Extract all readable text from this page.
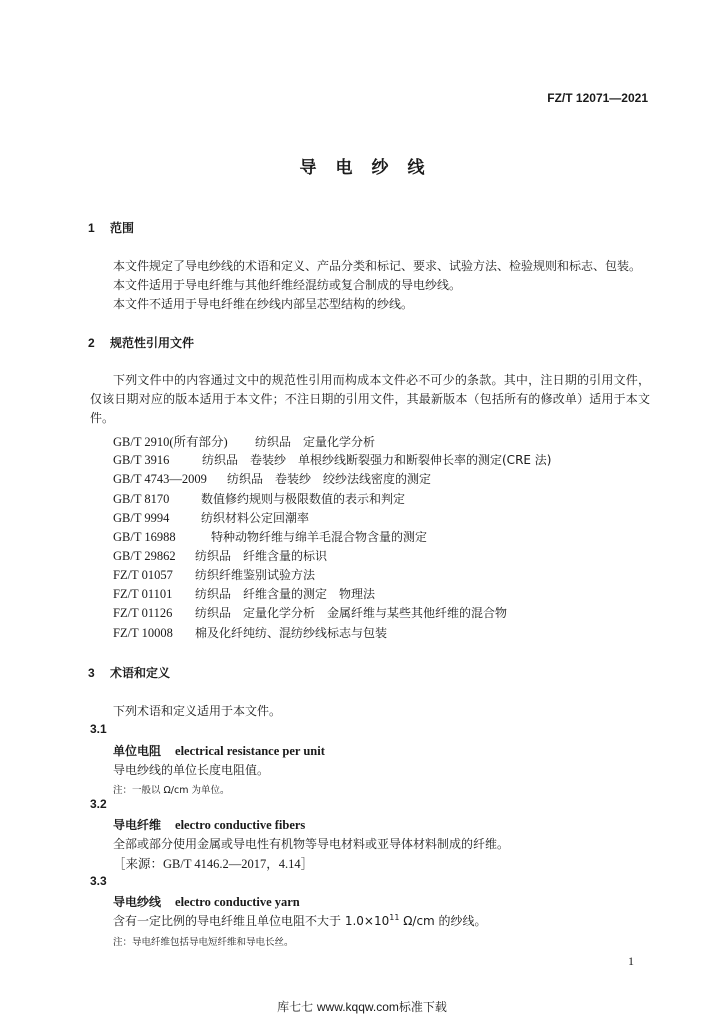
FZ/T 12071—2021
导电纱线
1 范围
本文件规定了导电纱线的术语和定义、产品分类和标记、要求、试验方法、检验规则和标志、包装。
本文件适用于导电纤维与其他纤维经混纺或复合制成的导电纱线。
本文件不适用于导电纤维在纱线内部呈芯型结构的纱线。
2 规范性引用文件
下列文件中的内容通过文中的规范性引用而构成本文件必不可少的条款。其中，注日期的引用文件，仅该日期对应的版本适用于本文件；不注日期的引用文件，其最新版本（包括所有的修改单）适用于本文件。
GB/T 2910(所有部分) 纺织品　定量化学分析
GB/T 3916	纺织品　卷装纱　单根纱线断裂强力和断裂伸长率的测定(CRE 法)
GB/T 4743—2009 纺织品　卷装纱　绞纱法线密度的测定
GB/T 8170	数值修约规则与极限数值的表示和判定
GB/T 9994	纺织材料公定回潮率
GB/T 16988	特种动物纤维与绵羊毛混合物含量的测定
GB/T 29862 纺织品　纤维含量的标识
FZ/T 01057 纺织纤维鉴别试验方法
FZ/T 01101 纺织品　纤维含量的测定　物理法
FZ/T 01126 纺织品　定量化学分析　金属纤维与某些其他纤维的混合物
FZ/T 10008 棉及化纤纯纺、混纺纱线标志与包装
3 术语和定义
下列术语和定义适用于本文件。
3.1
单位电阻 electrical resistance per unit
导电纱线的单位长度电阻值。
注：一般以 Ω/cm 为单位。
3.2
导电纤维 electro conductive fibers
全部或部分使用金属或导电性有机物等导电材料或亚导体材料制成的纤维。
［来源：GB/T 4146.2—2017，4.14］
3.3
导电纱线 electro conductive yarn
含有一定比例的导电纤维且单位电阻不大于 $1.0\times 10^{11}$ Ω/cm 的纱线。
注：导电纤维包括导电短纤维和导电长丝。
1
库七七 www.kqqw.com标准下载
